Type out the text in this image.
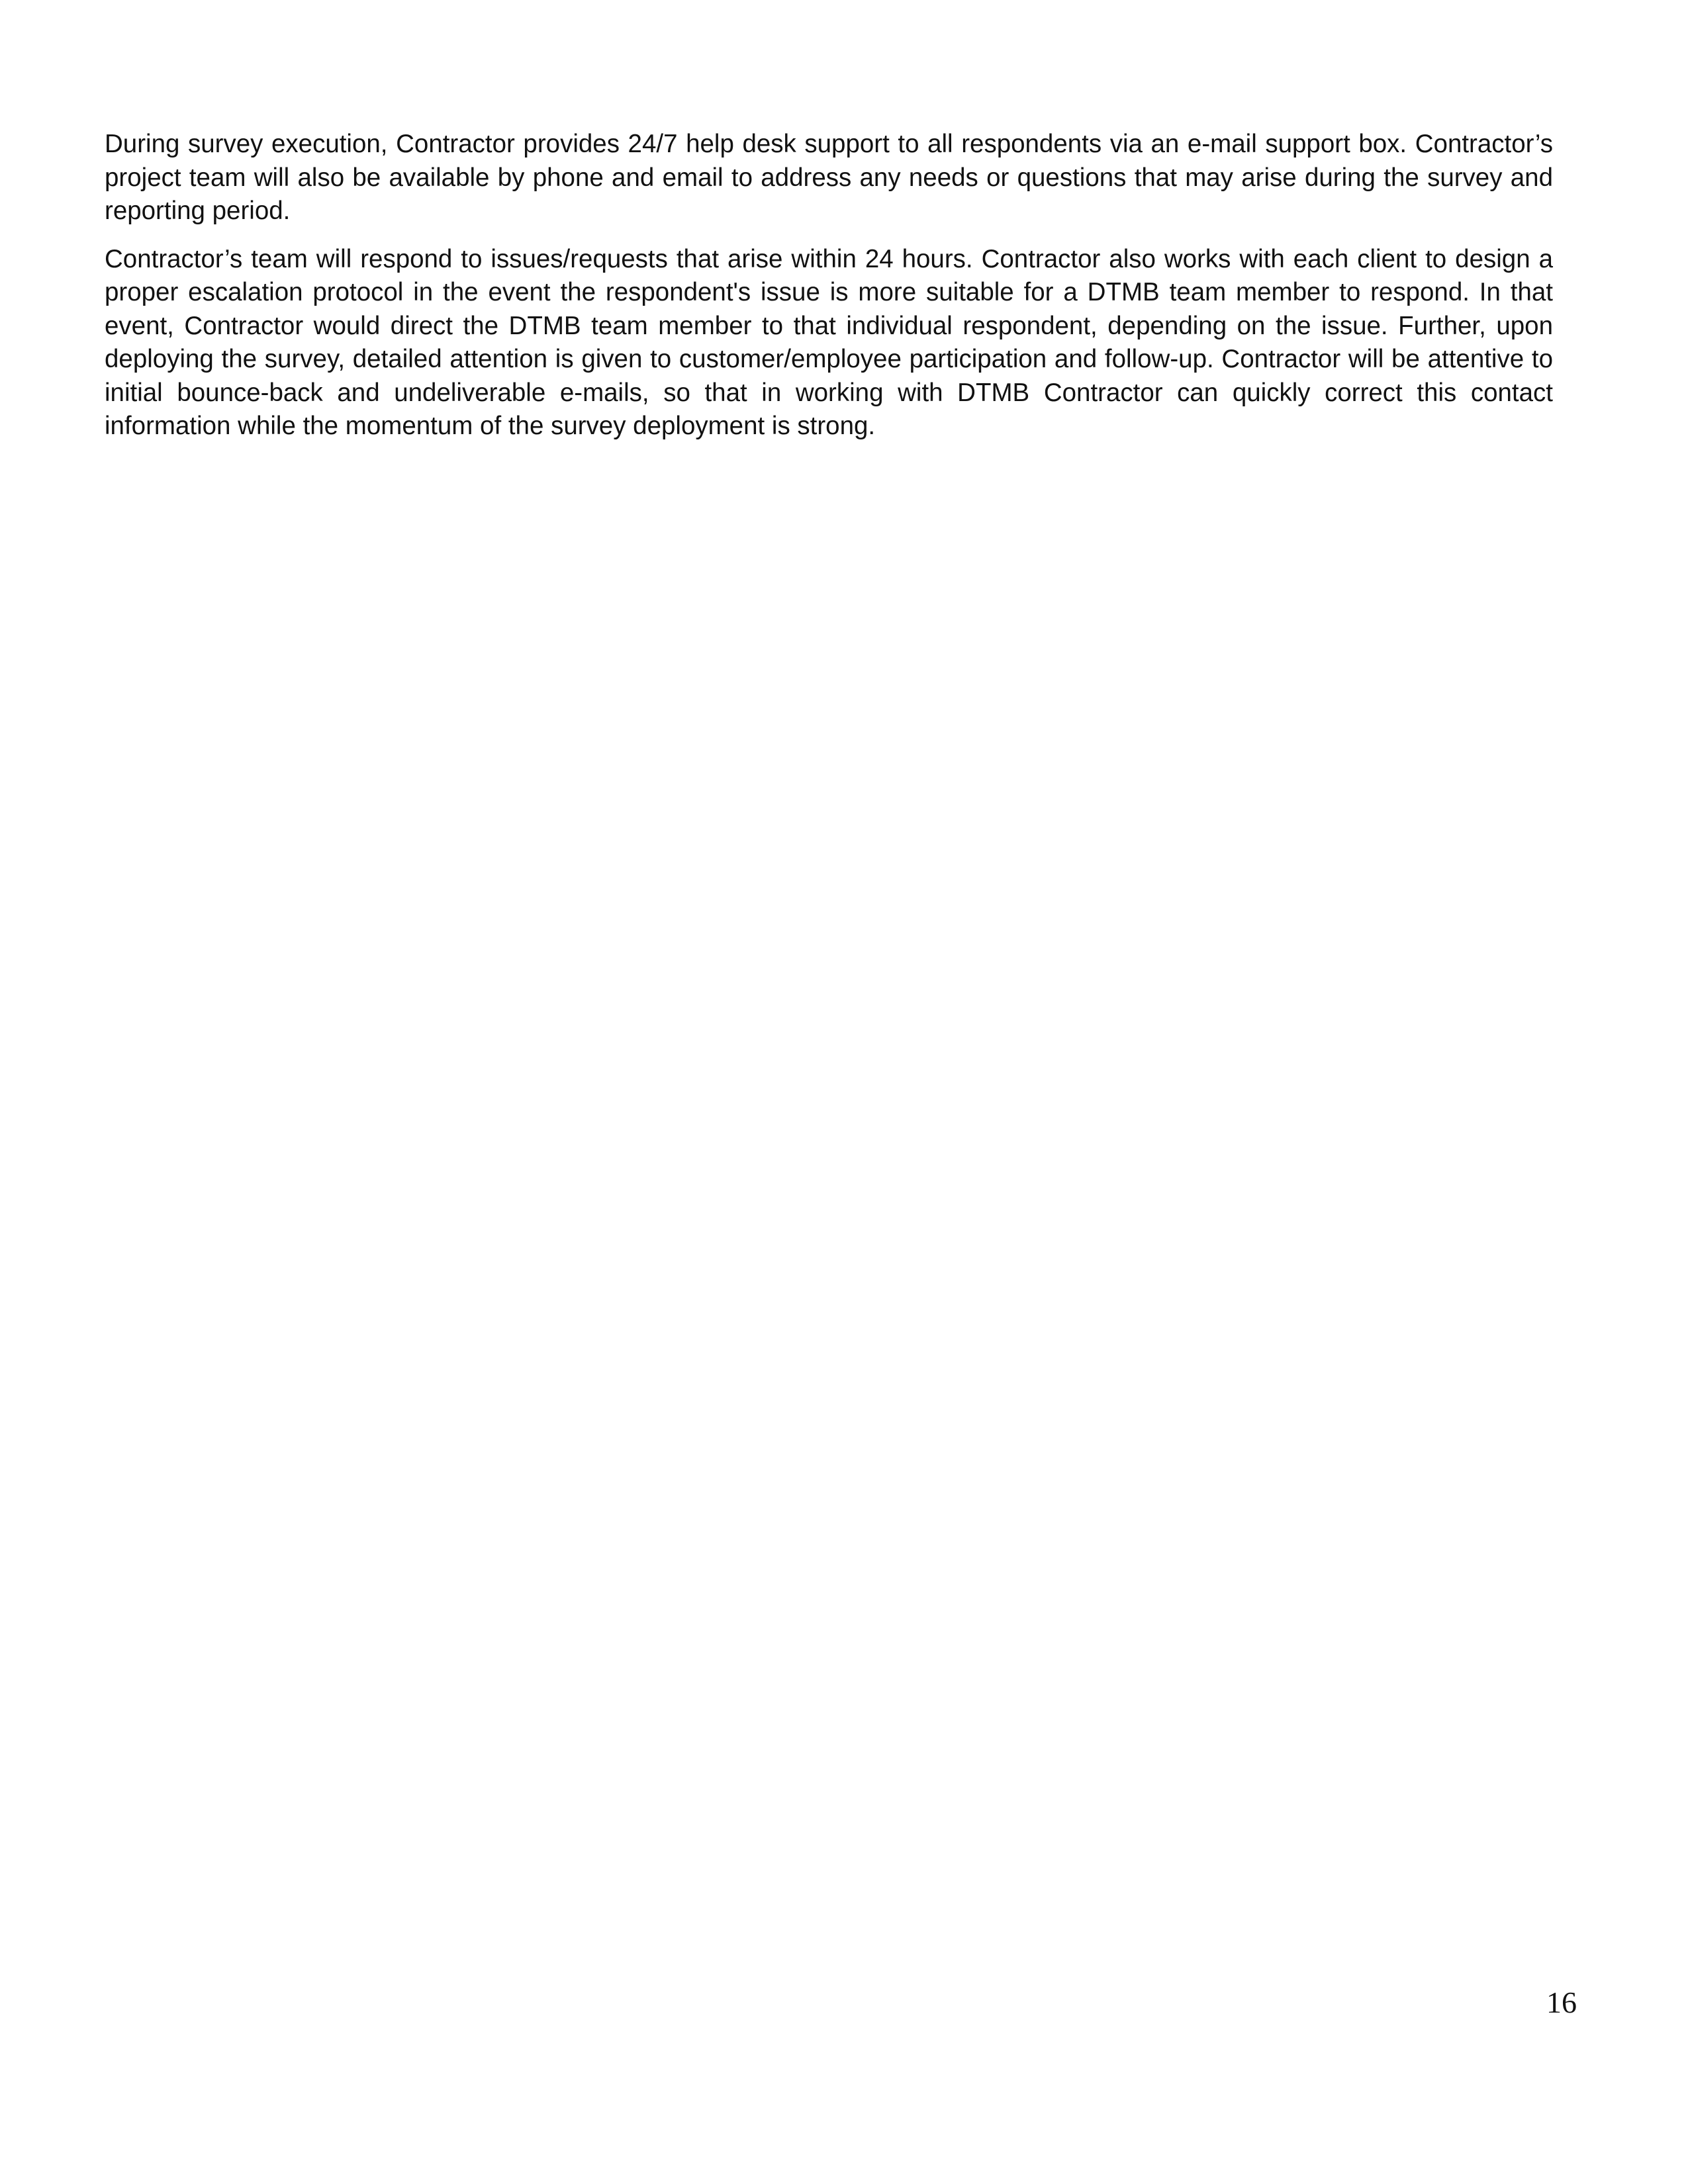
During survey execution, Contractor provides 24/7 help desk support to all respondents via an e-mail support box. Contractor’s project team will also be available by phone and email to address any needs or questions that may arise during the survey and reporting period.

Contractor’s team will respond to issues/requests that arise within 24 hours. Contractor also works with each client to design a proper escalation protocol in the event the respondent's issue is more suitable for a DTMB team member to respond. In that event, Contractor would direct the DTMB team member to that individual respondent, depending on the issue. Further, upon deploying the survey, detailed attention is given to customer/employee participation and follow-up. Contractor will be attentive to initial bounce-back and undeliverable e-mails, so that in working with DTMB Contractor can quickly correct this contact information while the momentum of the survey deployment is strong.

16
